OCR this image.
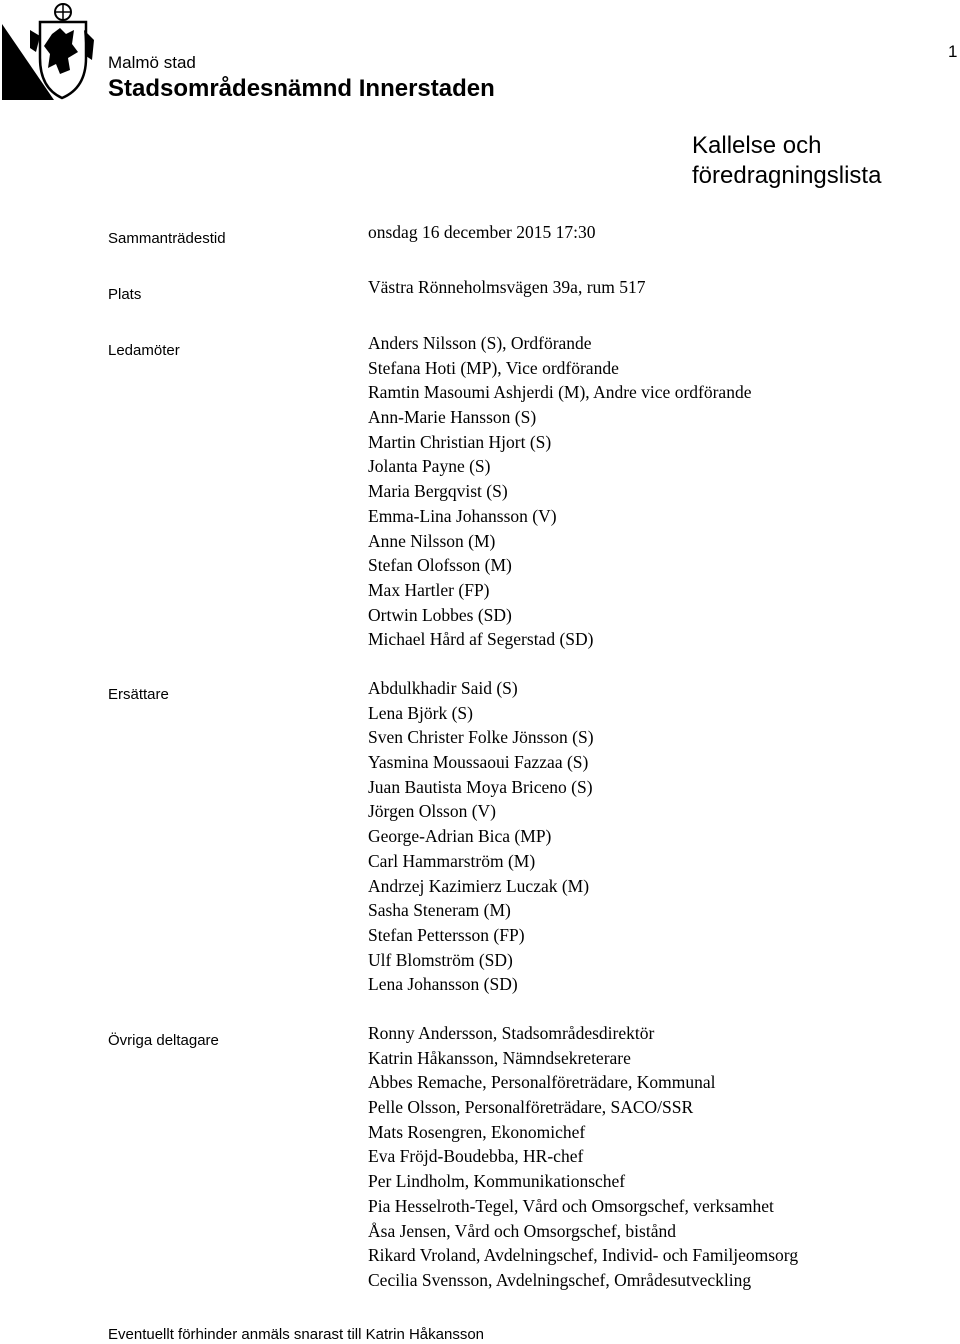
Malmö stad
Stadsområdesnämnd Innerstaden
1
Kallelse och
föredragningslista
Sammanträdestid	onsdag 16 december 2015 17:30
Plats	Västra Rönneholmsvägen 39a, rum 517
Ledamöter	Anders Nilsson (S), Ordförande
Stefana Hoti (MP), Vice ordförande
Ramtin Masoumi Ashjerdi (M), Andre vice ordförande
Ann-Marie Hansson (S)
Martin Christian Hjort (S)
Jolanta Payne (S)
Maria Bergqvist (S)
Emma-Lina Johansson (V)
Anne Nilsson (M)
Stefan Olofsson (M)
Max Hartler (FP)
Ortwin Lobbes (SD)
Michael Hård af Segerstad (SD)
Ersättare	Abdulkhadir Said (S)
Lena Björk (S)
Sven Christer Folke Jönsson (S)
Yasmina Moussaoui Fazzaa (S)
Juan Bautista Moya Briceno (S)
Jörgen Olsson (V)
George-Adrian Bica (MP)
Carl Hammarström (M)
Andrzej Kazimierz Luczak (M)
Sasha Steneram (M)
Stefan Pettersson (FP)
Ulf Blomström (SD)
Lena Johansson (SD)
Övriga deltagare	Ronny Andersson, Stadsområdesdirektör
Katrin Håkansson, Nämndsekreterare
Abbes Remache, Personalföreträdare, Kommunal
Pelle Olsson, Personalföreträdare, SACO/SSR
Mats Rosengren, Ekonomichef
Eva Fröjd-Boudebba, HR-chef
Per Lindholm, Kommunikationschef
Pia Hesselroth-Tegel, Vård och Omsorgschef, verksamhet
Åsa Jensen, Vård och Omsorgschef, bistånd
Rikard Vroland, Avdelningschef, Individ- och Familjeomsorg
Cecilia Svensson, Avdelningschef, Områdesutveckling
Eventuellt förhinder anmäls snarast till Katrin Håkansson
